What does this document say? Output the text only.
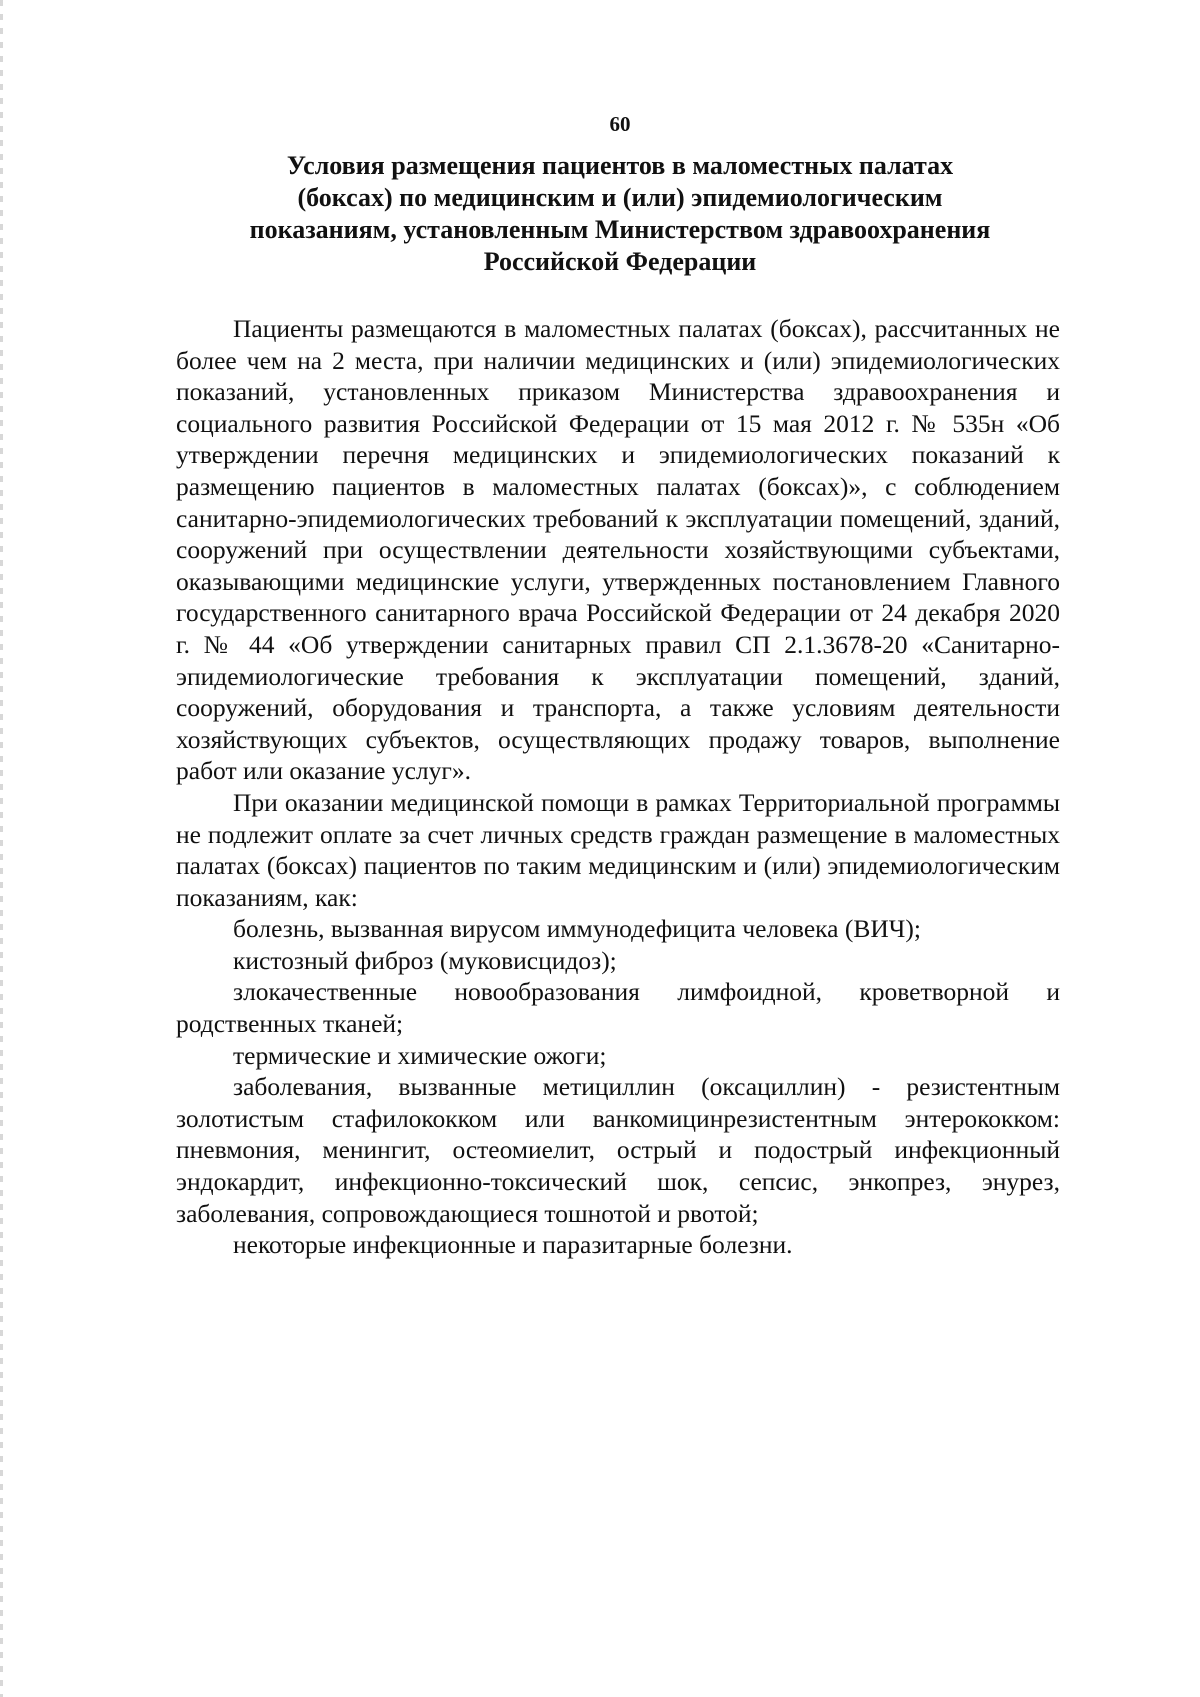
60
Условия размещения пациентов в маломестных палатах
(боксах) по медицинским и (или) эпидемиологическим
показаниям, установленным Министерством здравоохранения
Российской Федерации

Пациенты размещаются в маломестных палатах (боксах), рассчитанных не более чем на 2 места, при наличии медицинских и (или) эпидемиологических показаний, установленных приказом Министерства здравоохранения и социального развития Российской Федерации от 15 мая 2012 г. № 535н «Об утверждении перечня медицинских и эпидемиологических показаний к размещению пациентов в маломестных палатах (боксах)», с соблюдением санитарно-эпидемиологических требований к эксплуатации помещений, зданий, сооружений при осуществлении деятельности хозяйствующими субъектами, оказывающими медицинские услуги, утвержденных постановлением Главного государственного санитарного врача Российской Федерации от 24 декабря 2020 г. № 44 «Об утверждении санитарных правил СП 2.1.3678-20 «Санитарно-эпидемиологические требования к эксплуатации помещений, зданий, сооружений, оборудования и транспорта, а также условиям деятельности хозяйствующих субъектов, осуществляющих продажу товаров, выполнение работ или оказание услуг».

При оказании медицинской помощи в рамках Территориальной программы не подлежит оплате за счет личных средств граждан размещение в маломестных палатах (боксах) пациентов по таким медицинским и (или) эпидемиологическим показаниям, как:

болезнь, вызванная вирусом иммунодефицита человека (ВИЧ);

кистозный фиброз (муковисцидоз);

злокачественные новообразования лимфоидной, кроветворной и родственных тканей;

термические и химические ожоги;

заболевания, вызванные метициллин (оксациллин) - резистентным золотистым стафилококком или ванкомицинрезистентным энтерококком: пневмония, менингит, остеомиелит, острый и подострый инфекционный эндокардит, инфекционно-токсический шок, сепсис, энкопрез, энурез, заболевания, сопровождающиеся тошнотой и рвотой;

некоторые инфекционные и паразитарные болезни.
